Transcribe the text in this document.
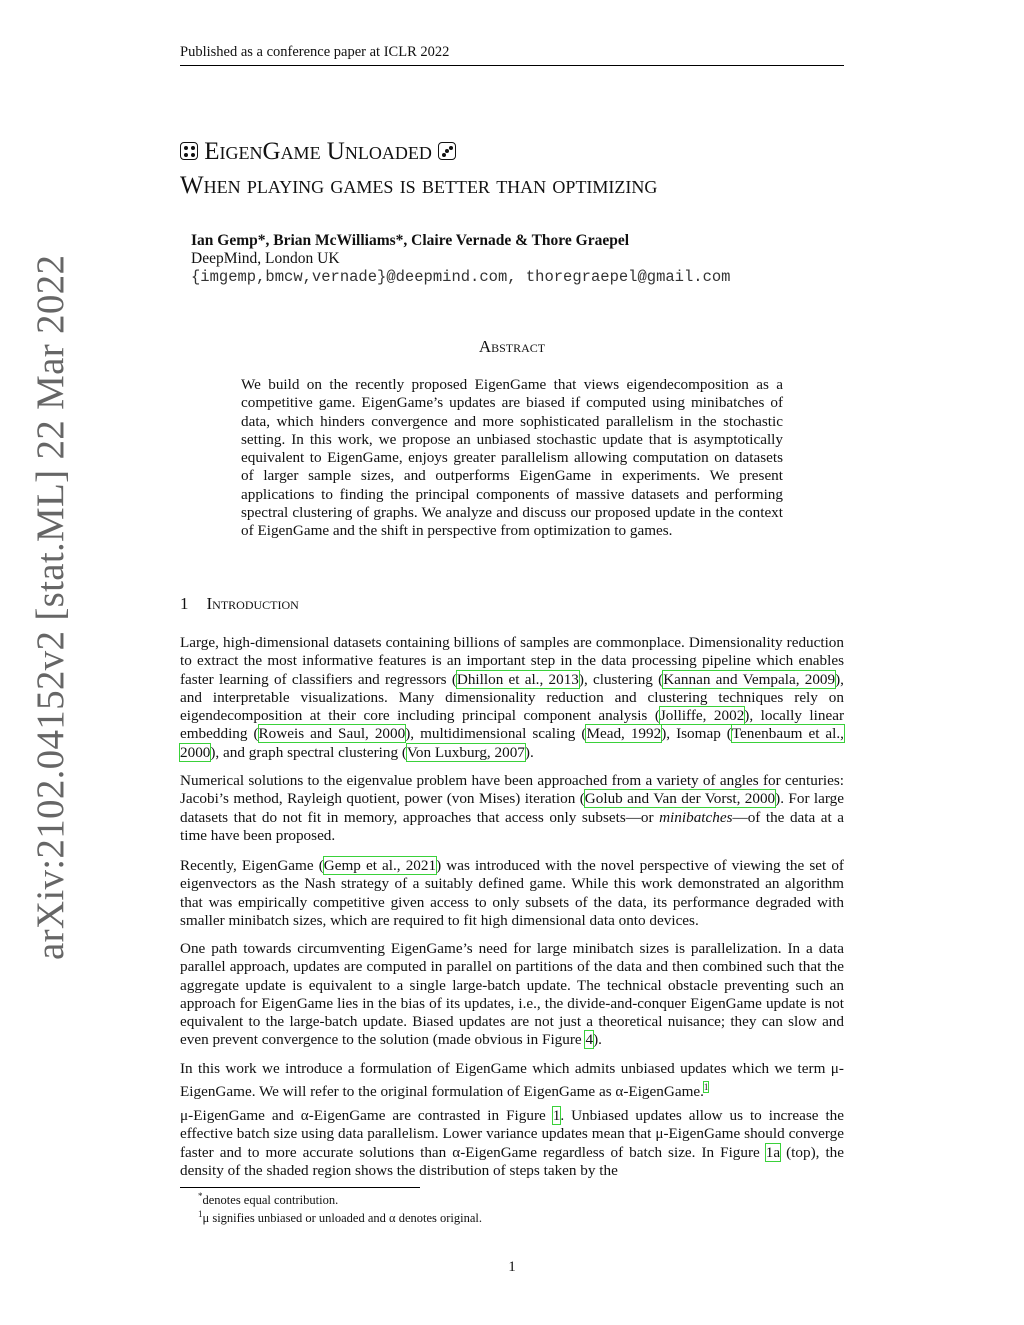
Published as a conference paper at ICLR 2022
arXiv:2102.04152v2 [stat.ML] 22 Mar 2022
EigenGame Unloaded
When playing games is better than optimizing
Ian Gemp*, Brian McWilliams*, Claire Vernade & Thore Graepel
DeepMind, London UK
{imgemp,bmcw,vernade}@deepmind.com, thoregraepel@gmail.com
Abstract
We build on the recently proposed EigenGame that views eigendecomposition as a competitive game. EigenGame’s updates are biased if computed using minibatches of data, which hinders convergence and more sophisticated parallelism in the stochastic setting. In this work, we propose an unbiased stochastic update that is asymptotically equivalent to EigenGame, enjoys greater parallelism allowing computation on datasets of larger sample sizes, and outperforms EigenGame in experiments. We present applications to finding the principal components of massive datasets and performing spectral clustering of graphs. We analyze and discuss our proposed update in the context of EigenGame and the shift in perspective from optimization to games.
1 Introduction
Large, high-dimensional datasets containing billions of samples are commonplace. Dimensionality reduction to extract the most informative features is an important step in the data processing pipeline which enables faster learning of classifiers and regressors (Dhillon et al., 2013), clustering (Kannan and Vempala, 2009), and interpretable visualizations. Many dimensionality reduction and clustering techniques rely on eigendecomposition at their core including principal component analysis (Jolliffe, 2002), locally linear embedding (Roweis and Saul, 2000), multidimensional scaling (Mead, 1992), Isomap (Tenenbaum et al., 2000), and graph spectral clustering (Von Luxburg, 2007).
Numerical solutions to the eigenvalue problem have been approached from a variety of angles for centuries: Jacobi’s method, Rayleigh quotient, power (von Mises) iteration (Golub and Van der Vorst, 2000). For large datasets that do not fit in memory, approaches that access only subsets—or minibatches—of the data at a time have been proposed.
Recently, EigenGame (Gemp et al., 2021) was introduced with the novel perspective of viewing the set of eigenvectors as the Nash strategy of a suitably defined game. While this work demonstrated an algorithm that was empirically competitive given access to only subsets of the data, its performance degraded with smaller minibatch sizes, which are required to fit high dimensional data onto devices.
One path towards circumventing EigenGame’s need for large minibatch sizes is parallelization. In a data parallel approach, updates are computed in parallel on partitions of the data and then combined such that the aggregate update is equivalent to a single large-batch update. The technical obstacle preventing such an approach for EigenGame lies in the bias of its updates, i.e., the divide-and-conquer EigenGame update is not equivalent to the large-batch update. Biased updates are not just a theoretical nuisance; they can slow and even prevent convergence to the solution (made obvious in Figure 4).
In this work we introduce a formulation of EigenGame which admits unbiased updates which we term μ-EigenGame. We will refer to the original formulation of EigenGame as α-EigenGame.$^1$
μ-EigenGame and α-EigenGame are contrasted in Figure 1. Unbiased updates allow us to increase the effective batch size using data parallelism. Lower variance updates mean that μ-EigenGame should converge faster and to more accurate solutions than α-EigenGame regardless of batch size. In Figure 1a (top), the density of the shaded region shows the distribution of steps taken by the
*denotes equal contribution.
$^1$μ signifies unbiased or unloaded and α denotes original.
1
